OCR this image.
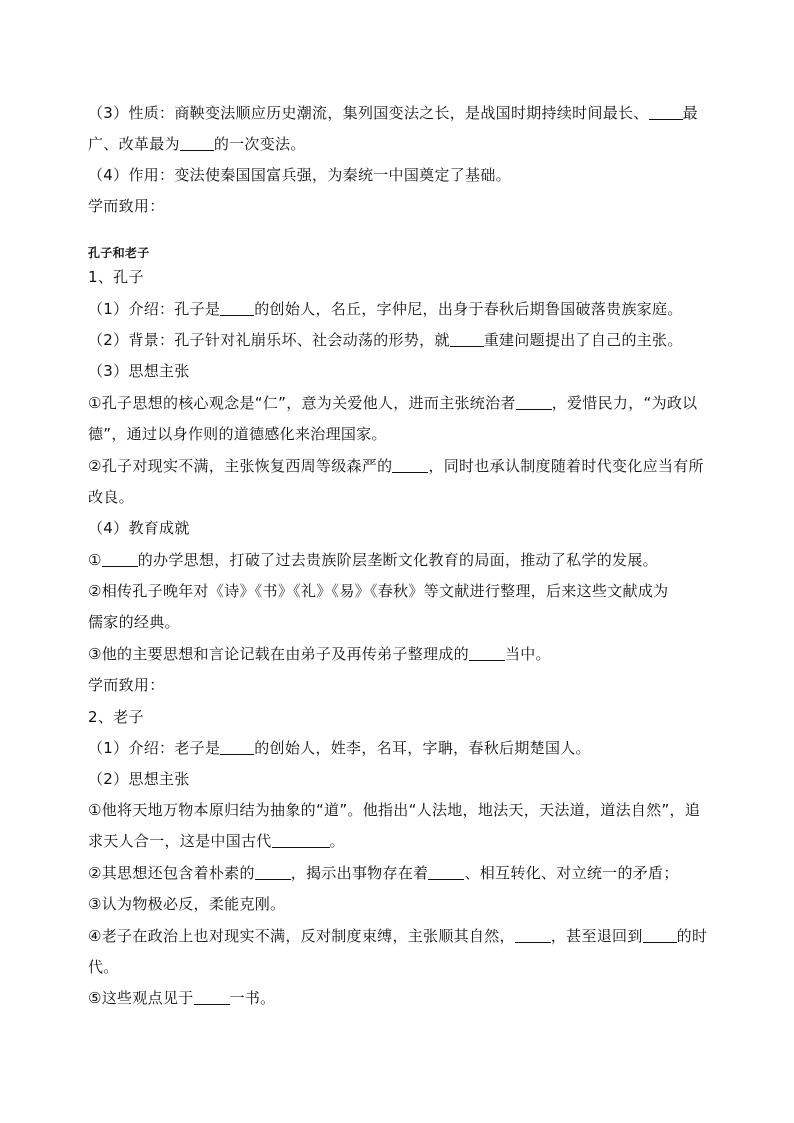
（3）性质：商鞅变法顺应历史潮流，集列国变法之长，是战国时期持续时间最长、 最
广、改革最为 的一次变法。
（4）作用：变法使秦国国富兵强，为秦统一中国奠定了基础。
学而致用：
孔子和老子
1、孔子
（1）介绍：孔子是 的创始人，名丘，字仲尼，出身于春秋后期鲁国破落贵族家庭。
（2）背景：孔子针对礼崩乐坏、社会动荡的形势，就 重建问题提出了自己的主张。
（3）思想主张
①孔子思想的核心观念是“仁”，意为关爱他人，进而主张统治者 ，爱惜民力，“为政以
德”，通过以身作则的道德感化来治理国家。
②孔子对现实不满，主张恢复西周等级森严的 ，同时也承认制度随着时代变化应当有所
改良。
（4）教育成就
① 的办学思想，打破了过去贵族阶层垄断文化教育的局面，推动了私学的发展。
②相传孔子晚年对《诗》《书》《礼》《易》《春秋》等文献进行整理，后来这些文献成为
儒家的经典。
③他的主要思想和言论记载在由弟子及再传弟子整理成的 当中。
学而致用：
2、老子
（1）介绍：老子是 的创始人，姓李，名耳，字聃，春秋后期楚国人。
（2）思想主张
①他将天地万物本原归结为抽象的“道”。他指出“人法地，地法天，天法道，道法自然”，追
求天人合一，这是中国古代	。
②其思想还包含着朴素的 ，揭示出事物存在着 、相互转化、对立统一的矛盾；
③认为物极必反，柔能克刚。
④老子在政治上也对现实不满，反对制度束缚，主张顺其自然， ，甚至退回到 的时
代。
⑤这些观点见于 一书。
